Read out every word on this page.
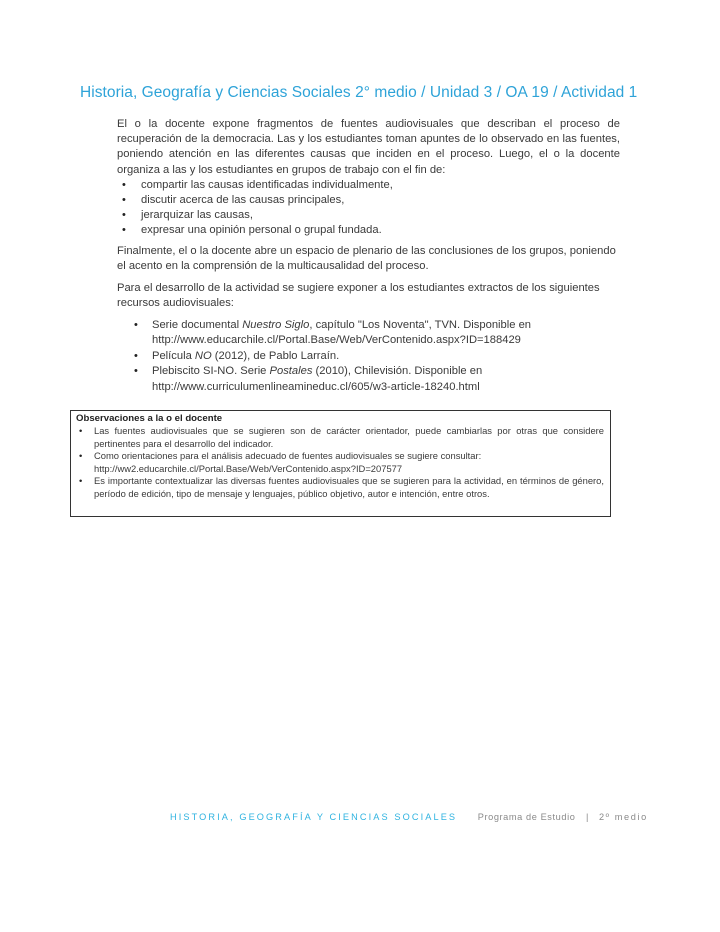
Historia, Geografía y Ciencias Sociales 2° medio / Unidad 3 / OA 19 / Actividad 1

El o la docente expone fragmentos de fuentes audiovisuales que describan el proceso de recuperación de la democracia. Las y los estudiantes toman apuntes de lo observado en las fuentes, poniendo atención en las diferentes causas que inciden en el proceso. Luego, el o la docente organiza a las y los estudiantes en grupos de trabajo con el fin de:

• compartir las causas identificadas individualmente,
• discutir acerca de las causas principales,
• jerarquizar las causas,
• expresar una opinión personal o grupal fundada.

Finalmente, el o la docente abre un espacio de plenario de las conclusiones de los grupos, poniendo el acento en la comprensión de la multicausalidad del proceso.

Para el desarrollo de la actividad se sugiere exponer a los estudiantes extractos de los siguientes recursos audiovisuales:

• Serie documental Nuestro Siglo, capítulo "Los Noventa", TVN. Disponible en
http://www.educarchile.cl/Portal.Base/Web/VerContenido.aspx?ID=188429
• Película NO (2012), de Pablo Larraín.
• Plebiscito SI-NO. Serie Postales (2010), Chilevisión. Disponible en
http://www.curriculumenlineamineduc.cl/605/w3-article-18240.html

Observaciones a la o el docente

• Las fuentes audiovisuales que se sugieren son de carácter orientador, puede cambiarlas por otras que considere pertinentes para el desarrollo del indicador.
• Como orientaciones para el análisis adecuado de fuentes audiovisuales se sugiere consultar:
http://ww2.educarchile.cl/Portal.Base/Web/VerContenido.aspx?ID=207577
• Es importante contextualizar las diversas fuentes audiovisuales que se sugieren para la actividad, en términos de género, período de edición, tipo de mensaje y lenguajes, público objetivo, autor e intención, entre otros.
HISTORIA, GEOGRAFÍA Y CIENCIAS SOCIALES Programa de Estudio | 2º medio
